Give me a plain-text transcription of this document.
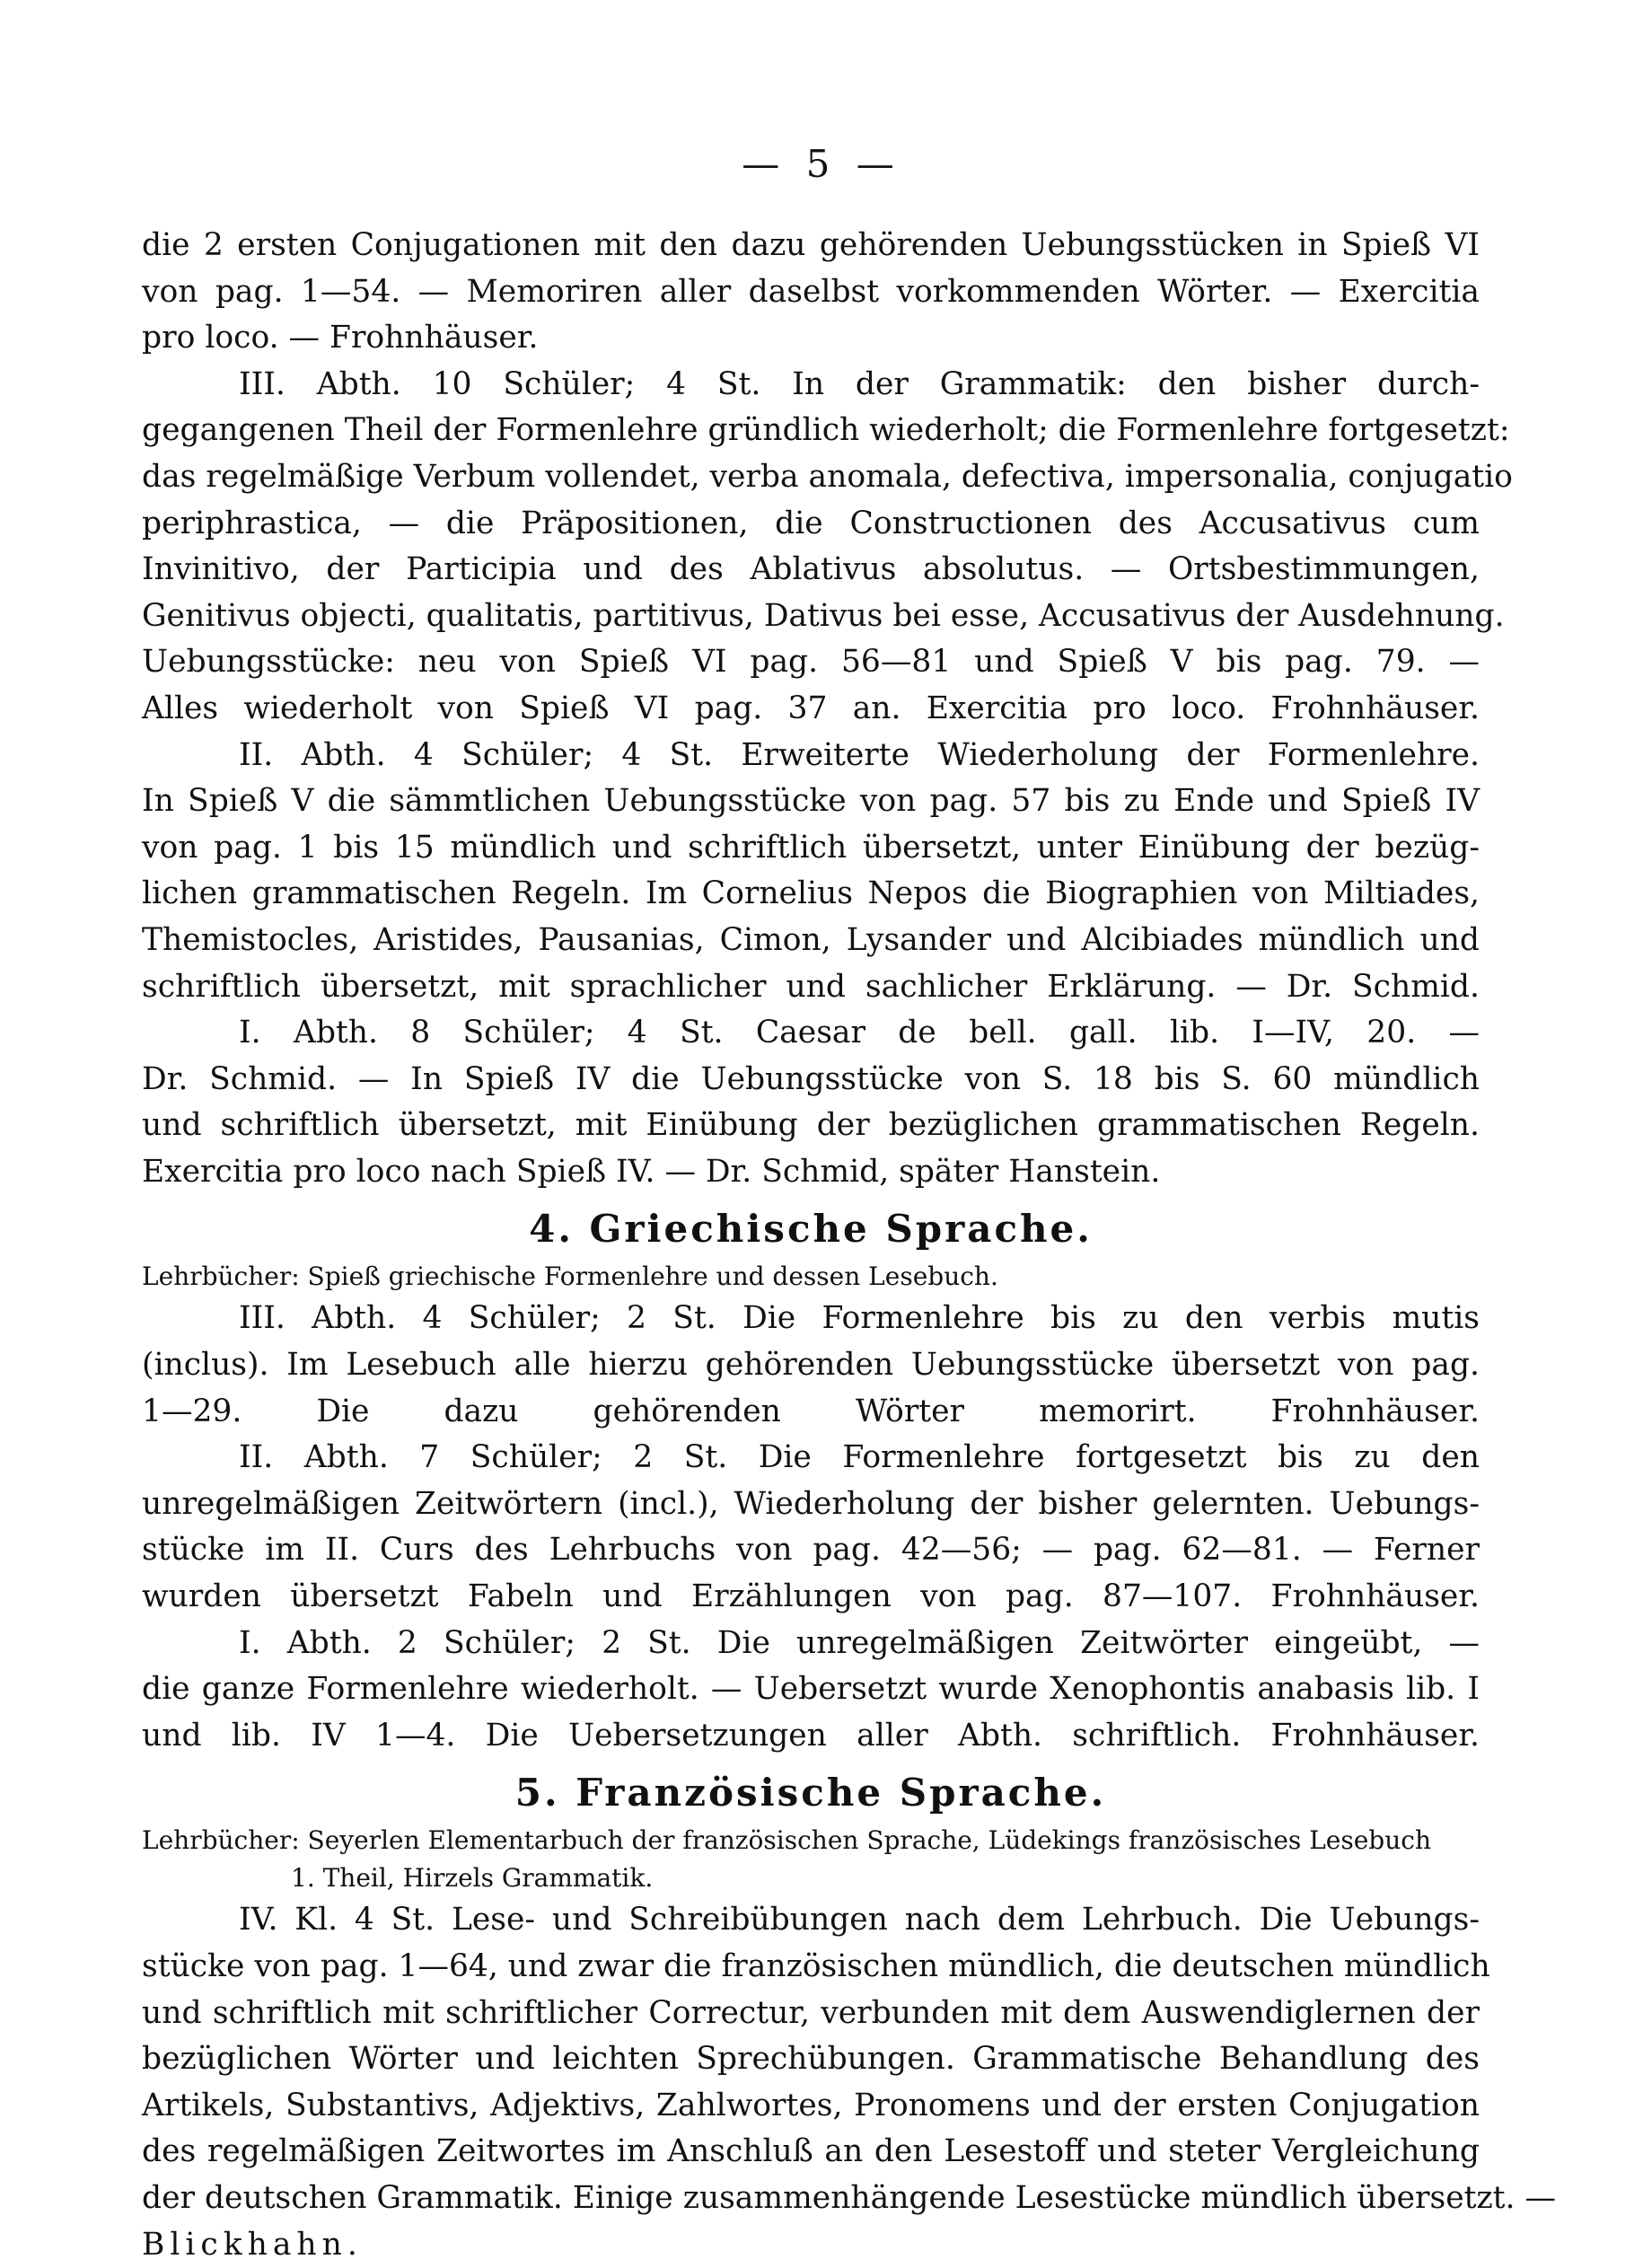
— 5 —
die 2 ersten Conjugationen mit den dazu gehörenden Uebungsstücken in Spieß VI
von pag. 1—54. — Memoriren aller daselbst vorkommenden Wörter. — Exercitia
pro loco. — Frohnhäuser.
III. Abth. 10 Schüler; 4 St. In der Grammatik: den bisher durch-
gegangenen Theil der Formenlehre gründlich wiederholt; die Formenlehre fortgesetzt:
das regelmäßige Verbum vollendet, verba anomala, defectiva, impersonalia, conjugatio
periphrastica, — die Präpositionen, die Constructionen des Accusativus cum
Invinitivo, der Participia und des Ablativus absolutus. — Ortsbestimmungen,
Genitivus objecti, qualitatis, partitivus, Dativus bei esse, Accusativus der Ausdehnung.
Uebungsstücke: neu von Spieß VI pag. 56—81 und Spieß V bis pag. 79. —
Alles wiederholt von Spieß VI pag. 37 an. Exercitia pro loco. Frohnhäuser.
II. Abth. 4 Schüler; 4 St. Erweiterte Wiederholung der Formenlehre.
In Spieß V die sämmtlichen Uebungsstücke von pag. 57 bis zu Ende und Spieß IV
von pag. 1 bis 15 mündlich und schriftlich übersetzt, unter Einübung der bezüg-
lichen grammatischen Regeln. Im Cornelius Nepos die Biographien von Miltiades,
Themistocles, Aristides, Pausanias, Cimon, Lysander und Alcibiades mündlich und
schriftlich übersetzt, mit sprachlicher und sachlicher Erklärung. — Dr. Schmid.
I. Abth. 8 Schüler; 4 St. Caesar de bell. gall. lib. I—IV, 20. —
Dr. Schmid. — In Spieß IV die Uebungsstücke von S. 18 bis S. 60 mündlich
und schriftlich übersetzt, mit Einübung der bezüglichen grammatischen Regeln.
Exercitia pro loco nach Spieß IV. — Dr. Schmid, später Hanstein.
4. Griechische Sprache.
Lehrbücher: Spieß griechische Formenlehre und dessen Lesebuch.
III. Abth. 4 Schüler; 2 St. Die Formenlehre bis zu den verbis mutis
(inclus). Im Lesebuch alle hierzu gehörenden Uebungsstücke übersetzt von pag.
1—29. Die dazu gehörenden Wörter memorirt. Frohnhäuser.
II. Abth. 7 Schüler; 2 St. Die Formenlehre fortgesetzt bis zu den
unregelmäßigen Zeitwörtern (incl.), Wiederholung der bisher gelernten. Uebungs-
stücke im II. Curs des Lehrbuchs von pag. 42—56; — pag. 62—81. — Ferner
wurden übersetzt Fabeln und Erzählungen von pag. 87—107. Frohnhäuser.
I. Abth. 2 Schüler; 2 St. Die unregelmäßigen Zeitwörter eingeübt, —
die ganze Formenlehre wiederholt. — Uebersetzt wurde Xenophontis anabasis lib. I
und lib. IV 1—4. Die Uebersetzungen aller Abth. schriftlich. Frohnhäuser.
5. Französische Sprache.
Lehrbücher: Seyerlen Elementarbuch der französischen Sprache, Lüdekings französisches Lesebuch
1. Theil, Hirzels Grammatik.
IV. Kl. 4 St. Lese- und Schreibübungen nach dem Lehrbuch. Die Uebungs-
stücke von pag. 1—64, und zwar die französischen mündlich, die deutschen mündlich
und schriftlich mit schriftlicher Correctur, verbunden mit dem Auswendiglernen der
bezüglichen Wörter und leichten Sprechübungen. Grammatische Behandlung des
Artikels, Substantivs, Adjektivs, Zahlwortes, Pronomens und der ersten Conjugation
des regelmäßigen Zeitwortes im Anschluß an den Lesestoff und steter Vergleichung
der deutschen Grammatik. Einige zusammenhängende Lesestücke mündlich übersetzt. —
Blickhahn.
